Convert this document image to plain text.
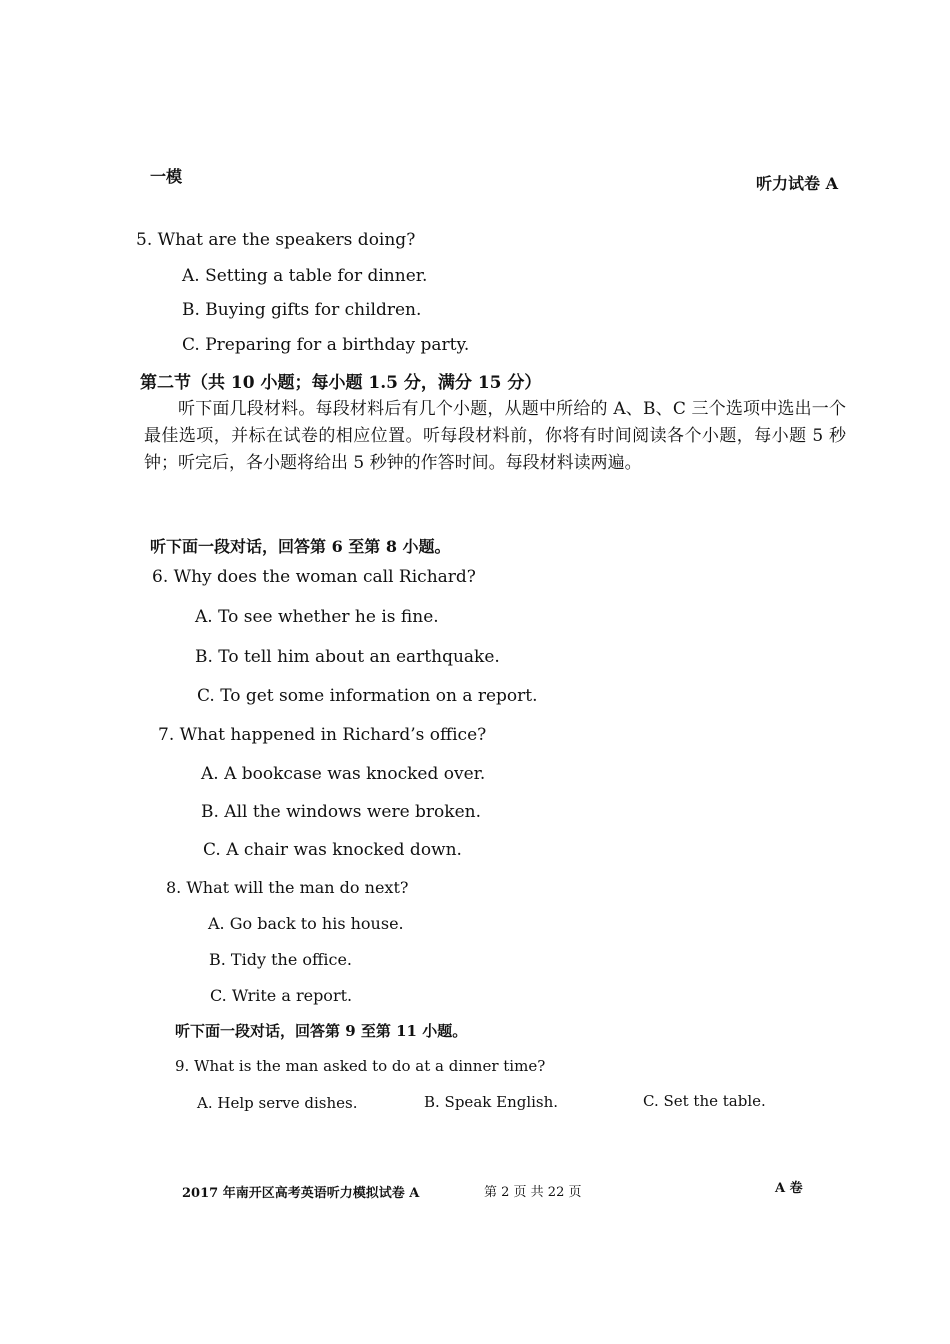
一模	听力试卷 A
5. What are the speakers doing?
A. Setting a table for dinner.
B. Buying gifts for children.
C. Preparing for a birthday party.
第二节（共 10 小题；每小题 1.5 分，满分 15 分）
听下面几段材料。每段材料后有几个小题，从题中所给的 A、B、C 三个选项中选出一个最佳选项，并标在试卷的相应位置。听每段材料前，你将有时间阅读各个小题，每小题 5 秒钟；听完后，各小题将给出 5 秒钟的作答时间。每段材料读两遍。
听下面一段对话，回答第 6 至第 8 小题。
6. Why does the woman call Richard?
A. To see whether he is fine.
B. To tell him about an earthquake.
C. To get some information on a report.
7. What happened in Richard’s office?
A. A bookcase was knocked over.
B. All the windows were broken.
C. A chair was knocked down.
8. What will the man do next?
A. Go back to his house.
B. Tidy the office.
C. Write a report.
听下面一段对话，回答第 9 至第 11 小题。
9. What is the man asked to do at a dinner time?
A. Help serve dishes.	B. Speak English.	C. Set the table.
2017 年南开区高考英语听力模拟试卷 A	第 2 页 共 22 页	A 卷
